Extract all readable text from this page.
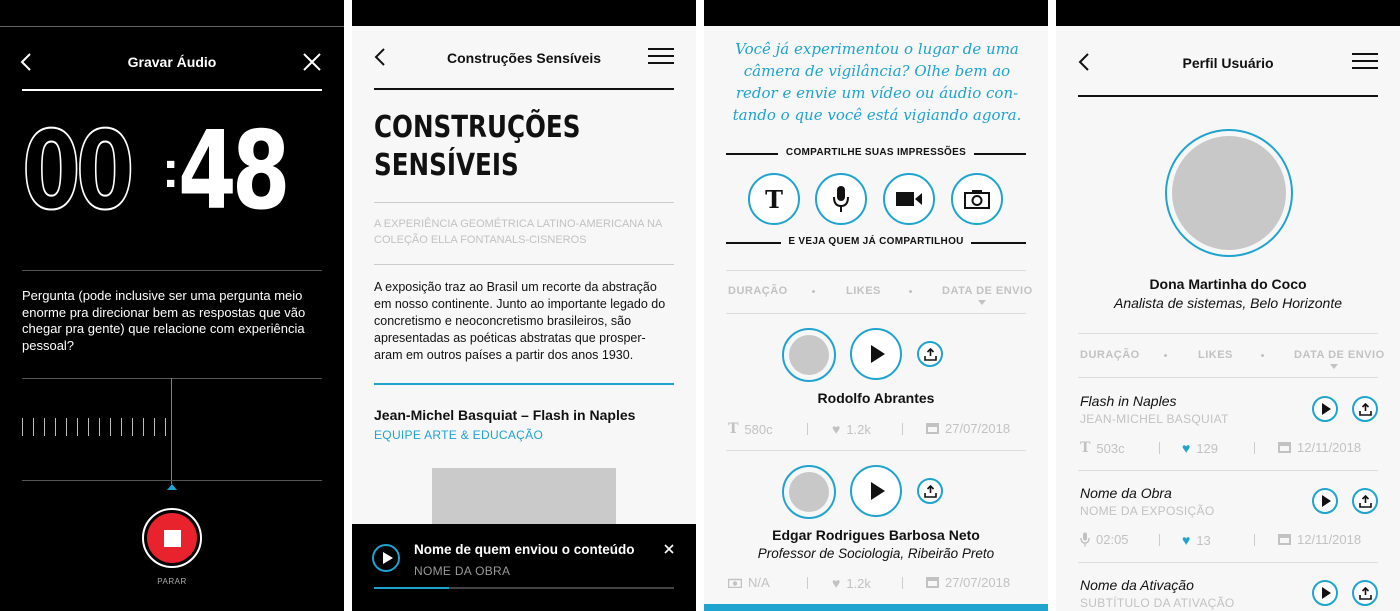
Gravar Áudio
00 :
48
Pergunta (pode inclusive ser uma pergunta meio enorme pra direcionar bem as respostas que vão chegar pra gente) que relacione com experiência pessoal?
PARAR
Construções Sensíveis
CONSTRUÇÕES
SENSÍVEIS
A EXPERIÊNCIA GEOMÉTRICA LATINO-AMERICANA NA COLEÇÃO ELLA FONTANALS-CISNEROS
A exposição traz ao Brasil um recorte da abstração em nosso continente. Junto ao importante legado do concretismo e neoconcretismo brasileiros, são apresentadas as poéticas abstratas que prosper-aram em outros países a partir dos anos 1930.
Jean-Michel Basquiat – Flash in Naples
EQUIPE ARTE & EDUCAÇÃO
Nome de quem enviou o conteúdo
NOME DA OBRA
Você já experimentou o lugar de uma câmera de vigilância? Olhe bem ao redor e envie um vídeo ou áudio con-tando o que você está vigiando agora.
COMPARTILHE SUAS IMPRESSÕES
T
E VEJA QUEM JÁ COMPARTILHOU
DURAÇÃO	LIKES	DATA DE ENVIO
Rodolfo Abrantes
T 580c	♥ 1.2k	27/07/2018
Edgar Rodrigues Barbosa Neto
Professor de Sociologia, Ribeirão Preto
N/A	♥ 1.2k	27/07/2018
Perfil Usuário
Dona Martinha do Coco
Analista de sistemas, Belo Horizonte
DURAÇÃO	LIKES	DATA DE ENVIO
Flash in Naples
JEAN-MICHEL BASQUIAT
T 503c	♥ 129	12/11/2018
Nome da Obra
NOME DA EXPOSIÇÃO
02:05	♥ 13	12/11/2018
Nome da Ativação
SUBTÍTULO DA ATIVAÇÃO
